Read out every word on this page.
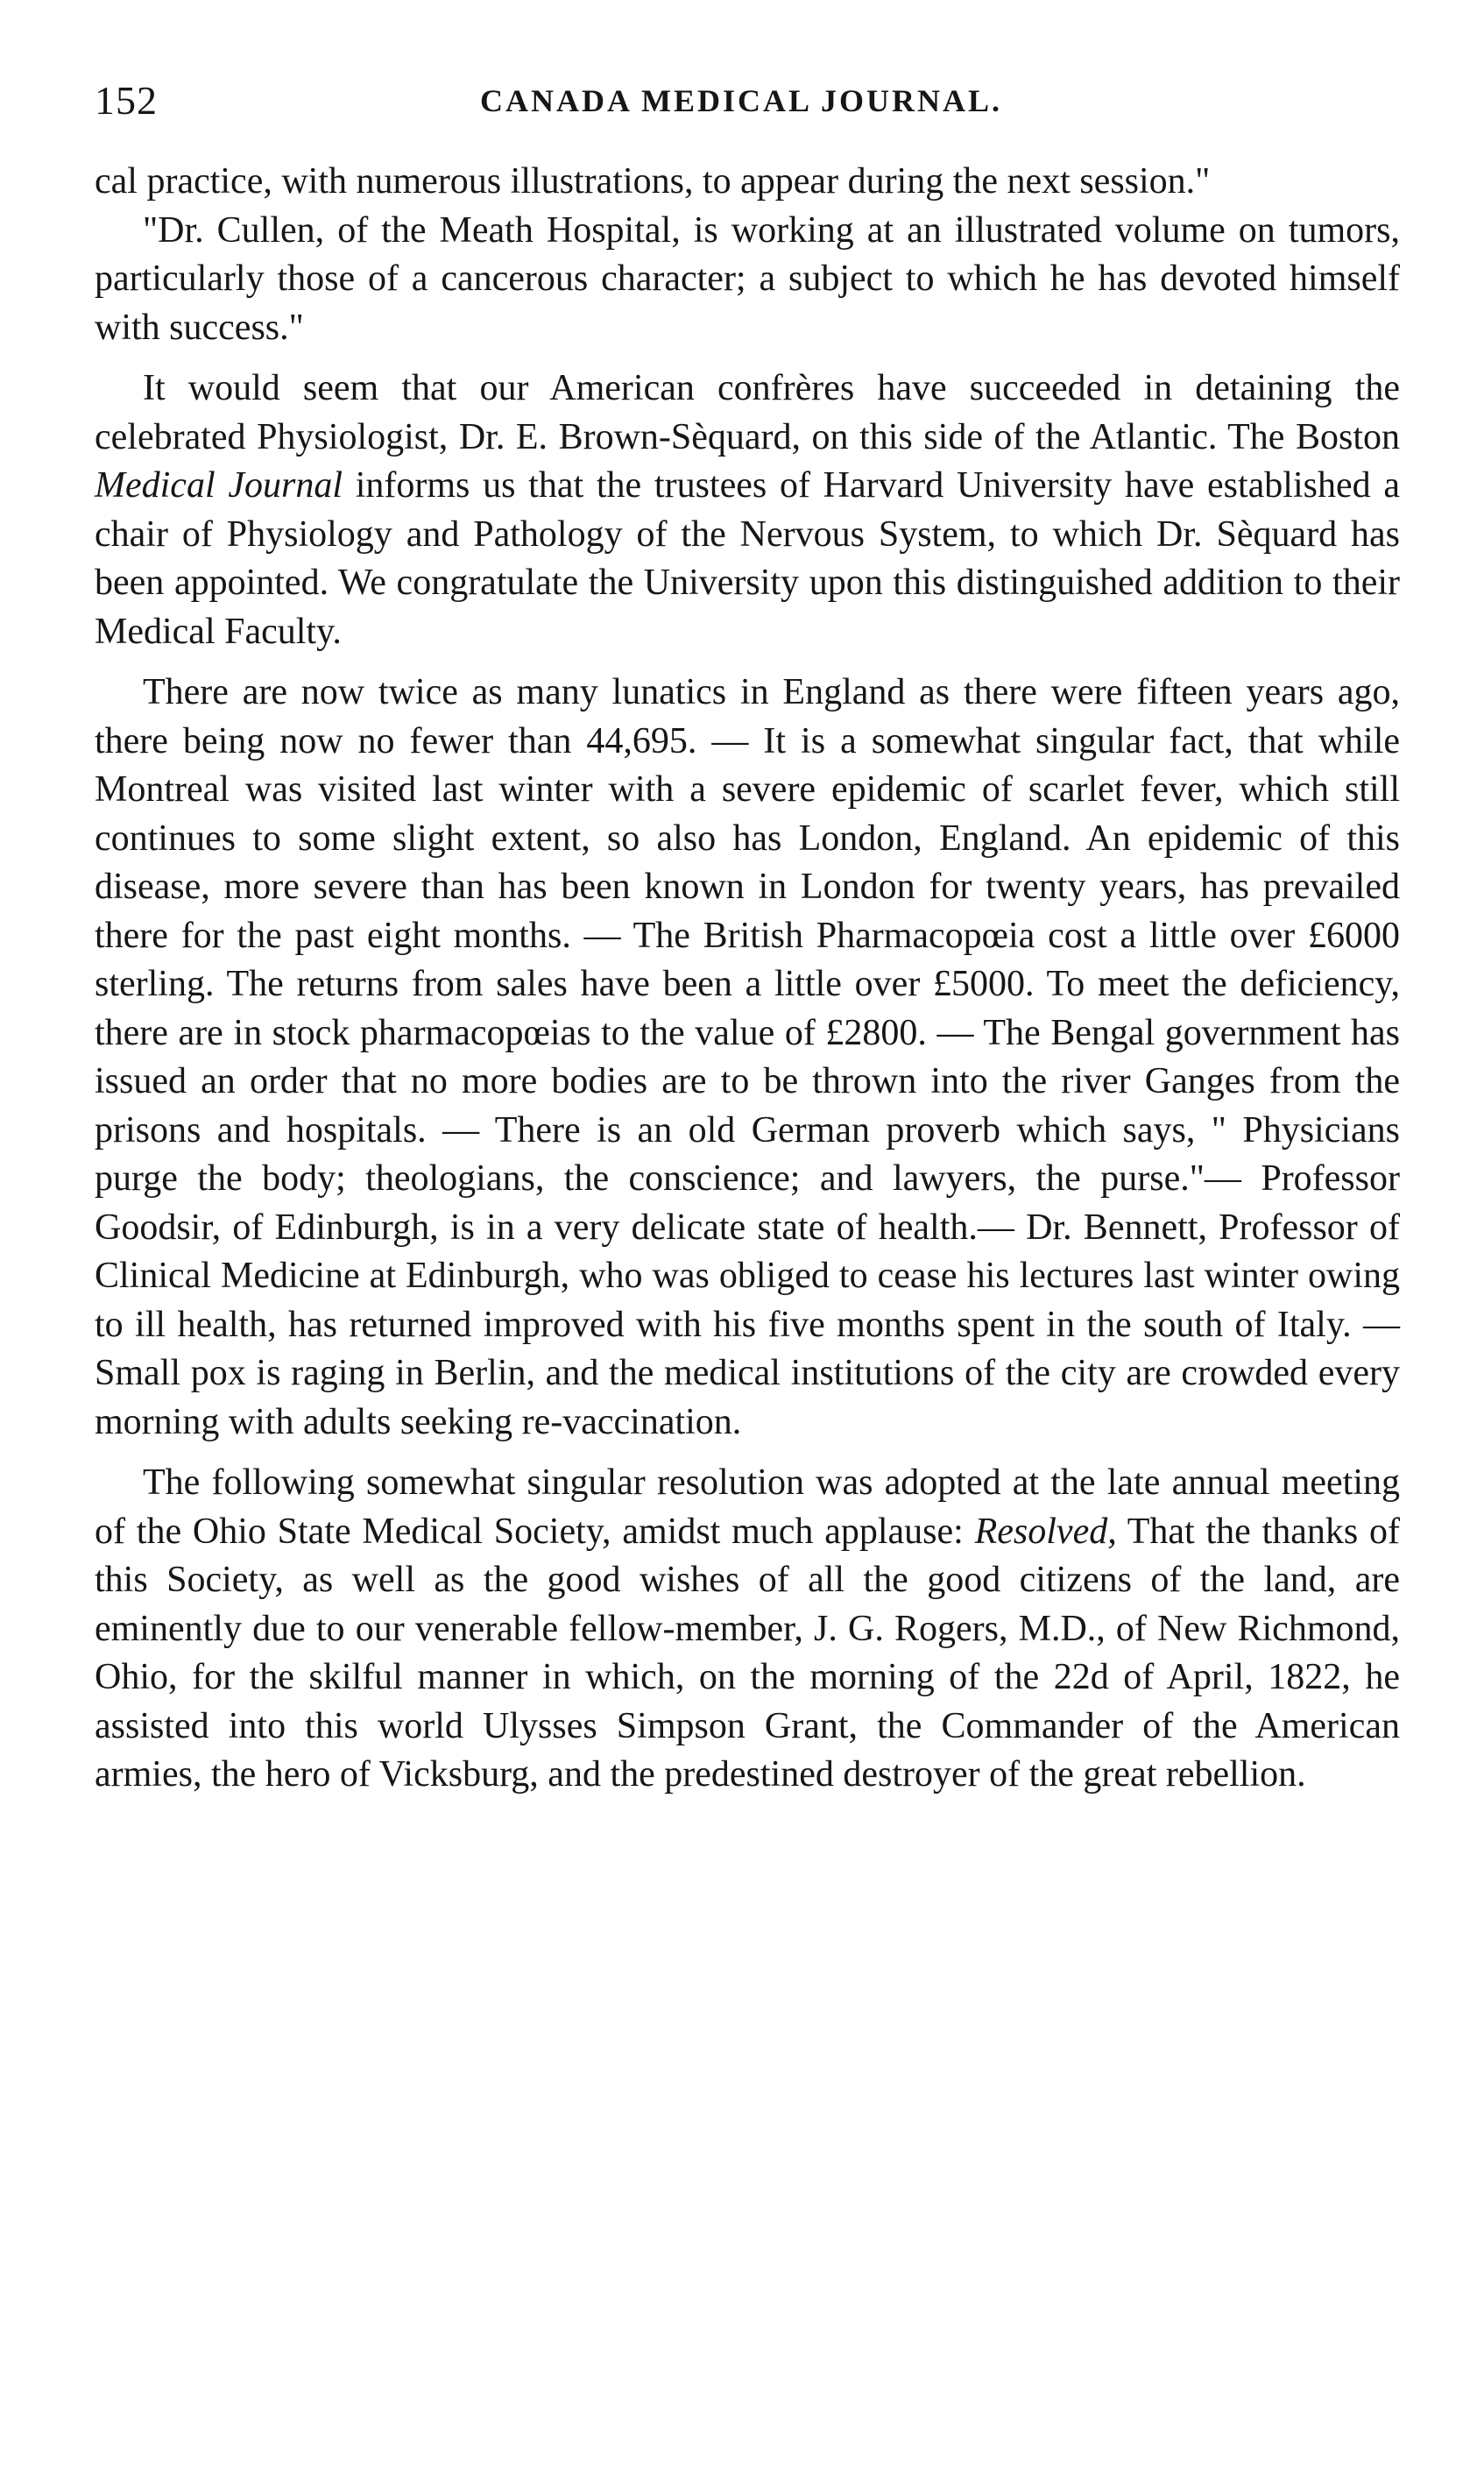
152	CANADA MEDICAL JOURNAL.

cal practice, with numerous illustrations, to appear during the next session."

"Dr. Cullen, of the Meath Hospital, is working at an illustrated volume on tumors, particularly those of a cancerous character; a subject to which he has devoted himself with success."

It would seem that our American confrères have succeeded in detaining the celebrated Physiologist, Dr. E. Brown-Sèquard, on this side of the Atlantic. The Boston Medical Journal informs us that the trustees of Harvard University have established a chair of Physiology and Pathology of the Nervous System, to which Dr. Sèquard has been appointed. We congratulate the University upon this distinguished addition to their Medical Faculty.

There are now twice as many lunatics in England as there were fifteen years ago, there being now no fewer than 44,695. — It is a somewhat singular fact, that while Montreal was visited last winter with a severe epidemic of scarlet fever, which still continues to some slight extent, so also has London, England. An epidemic of this disease, more severe than has been known in London for twenty years, has prevailed there for the past eight months. — The British Pharmacopœia cost a little over £6000 sterling. The returns from sales have been a little over £5000. To meet the deficiency, there are in stock pharmacopœias to the value of £2800. — The Bengal government has issued an order that no more bodies are to be thrown into the river Ganges from the prisons and hospitals. — There is an old German proverb which says, " Physicians purge the body; theologians, the conscience; and lawyers, the purse."— Professor Goodsir, of Edinburgh, is in a very delicate state of health.— Dr. Bennett, Professor of Clinical Medicine at Edinburgh, who was obliged to cease his lectures last winter owing to ill health, has returned improved with his five months spent in the south of Italy. — Small pox is raging in Berlin, and the medical institutions of the city are crowded every morning with adults seeking re-vaccination.

The following somewhat singular resolution was adopted at the late annual meeting of the Ohio State Medical Society, amidst much applause: Resolved, That the thanks of this Society, as well as the good wishes of all the good citizens of the land, are eminently due to our venerable fellow-member, J. G. Rogers, M.D., of New Richmond, Ohio, for the skilful manner in which, on the morning of the 22d of April, 1822, he assisted into this world Ulysses Simpson Grant, the Commander of the American armies, the hero of Vicksburg, and the predestined destroyer of the great rebellion.
